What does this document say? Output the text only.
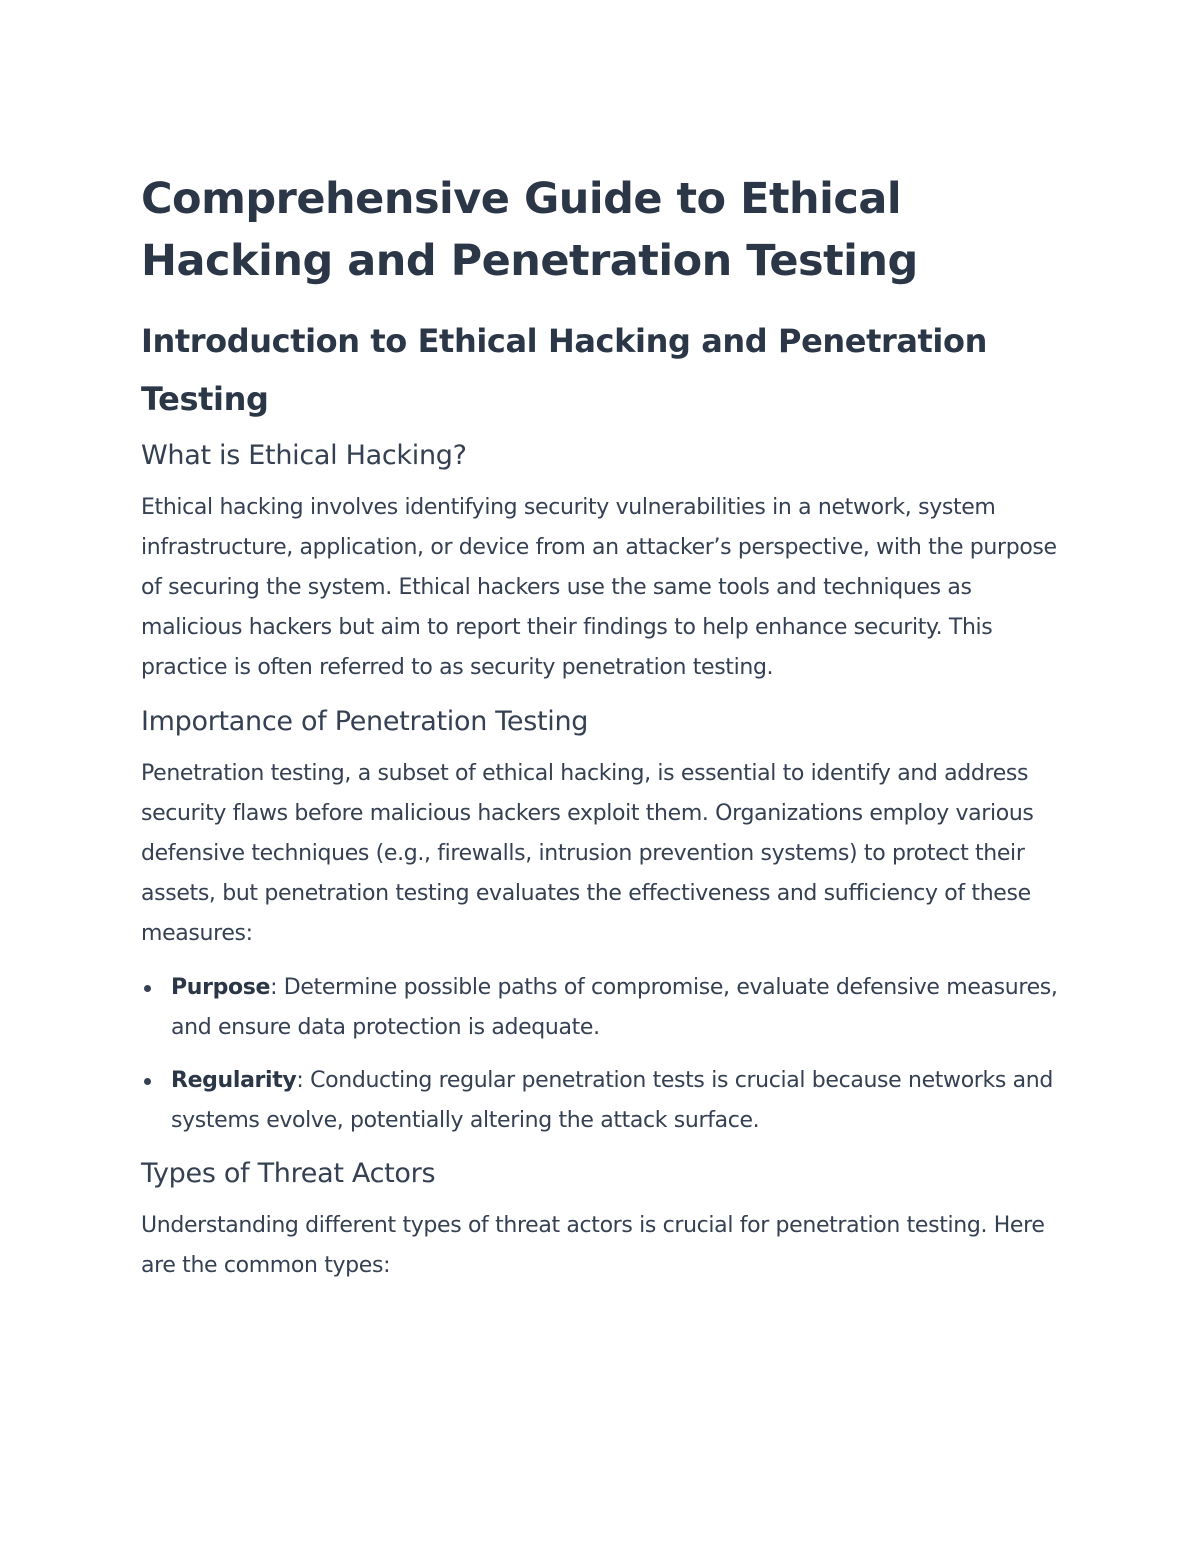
Comprehensive Guide to Ethical Hacking and Penetration Testing
Introduction to Ethical Hacking and Penetration Testing
What is Ethical Hacking?

Ethical hacking involves identifying security vulnerabilities in a network, system infrastructure, application, or device from an attacker’s perspective, with the purpose of securing the system. Ethical hackers use the same tools and techniques as malicious hackers but aim to report their findings to help enhance security. This practice is often referred to as security penetration testing.

Importance of Penetration Testing

Penetration testing, a subset of ethical hacking, is essential to identify and address security flaws before malicious hackers exploit them. Organizations employ various defensive techniques (e.g., firewalls, intrusion prevention systems) to protect their assets, but penetration testing evaluates the effectiveness and sufficiency of these measures:

Purpose: Determine possible paths of compromise, evaluate defensive measures, and ensure data protection is adequate.
Regularity: Conducting regular penetration tests is crucial because networks and systems evolve, potentially altering the attack surface.
Types of Threat Actors

Understanding different types of threat actors is crucial for penetration testing. Here are the common types:
